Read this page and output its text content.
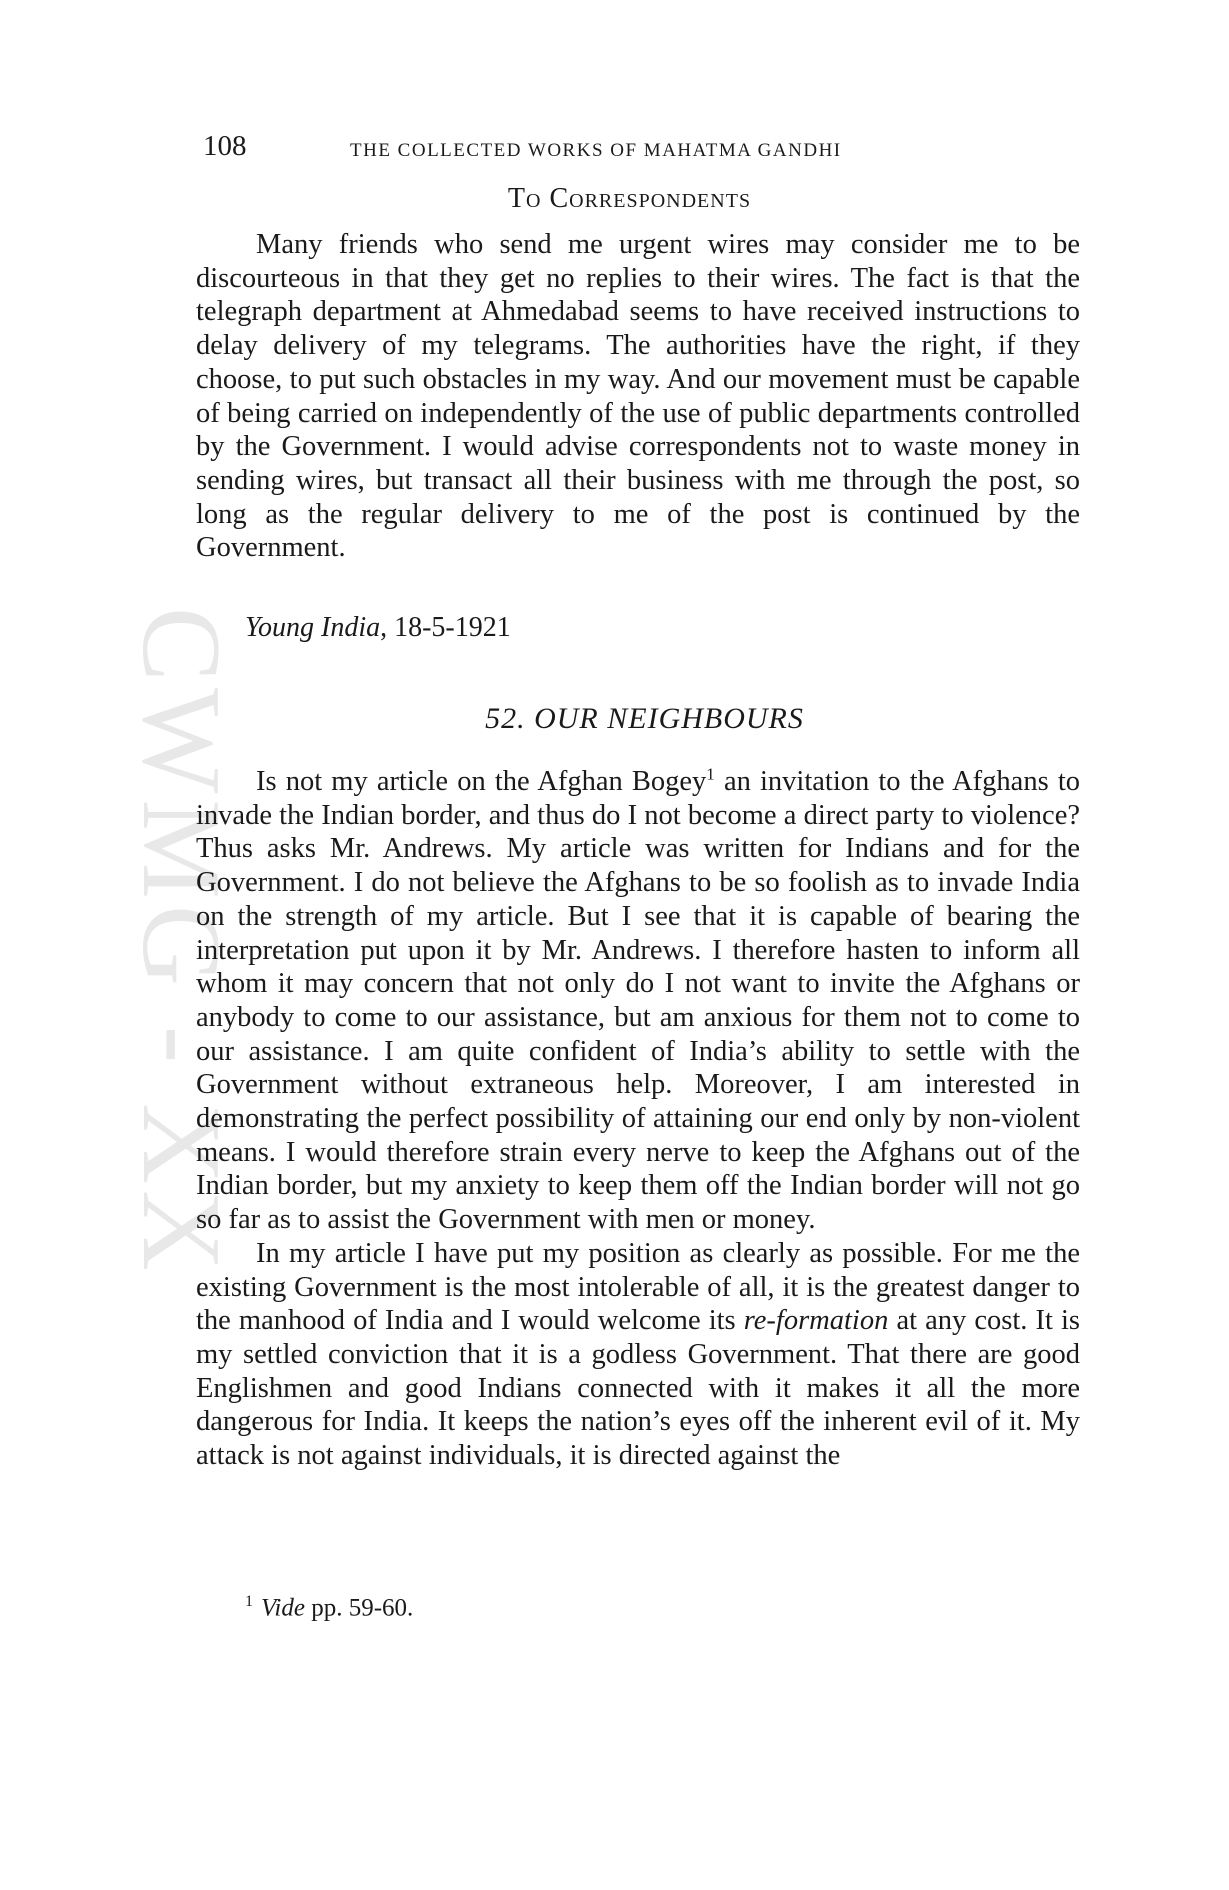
CWMG - XX
108	THE COLLECTED WORKS OF MAHATMA GANDHI
To Correspondents

Many friends who send me urgent wires may consider me to be discourteous in that they get no replies to their wires. The fact is that the telegraph department at Ahmedabad seems to have received instructions to delay delivery of my telegrams. The authorities have the right, if they choose, to put such obstacles in my way. And our movement must be capable of being carried on independently of the use of public departments controlled by the Government. I would advise correspondents not to waste money in sending wires, but transact all their business with me through the post, so long as the regular delivery to me of the post is continued by the Government.

Young India, 18-5-1921
52. OUR NEIGHBOURS

Is not my article on the Afghan Bogey$^1$ an invitation to the Afghans to invade the Indian border, and thus do I not become a direct party to violence? Thus asks Mr. Andrews. My article was written for Indians and for the Government. I do not believe the Afghans to be so foolish as to invade India on the strength of my article. But I see that it is capable of bearing the interpretation put upon it by Mr. Andrews. I therefore hasten to inform all whom it may concern that not only do I not want to invite the Afghans or anybody to come to our assistance, but am anxious for them not to come to our assistance. I am quite confident of India’s ability to settle with the Government without extraneous help. Moreover, I am interested in demonstrating the perfect possibility of attaining our end only by non-violent means. I would therefore strain every nerve to keep the Afghans out of the Indian border, but my anxiety to keep them off the Indian border will not go so far as to assist the Government with men or money.

In my article I have put my position as clearly as possible. For me the existing Government is the most intolerable of all, it is the greatest danger to the manhood of India and I would welcome its re-formation at any cost. It is my settled conviction that it is a godless Government. That there are good Englishmen and good Indians connected with it makes it all the more dangerous for India. It keeps the nation’s eyes off the inherent evil of it. My attack is not against individuals, it is directed against the

$^1$ Vide pp. 59-60.
